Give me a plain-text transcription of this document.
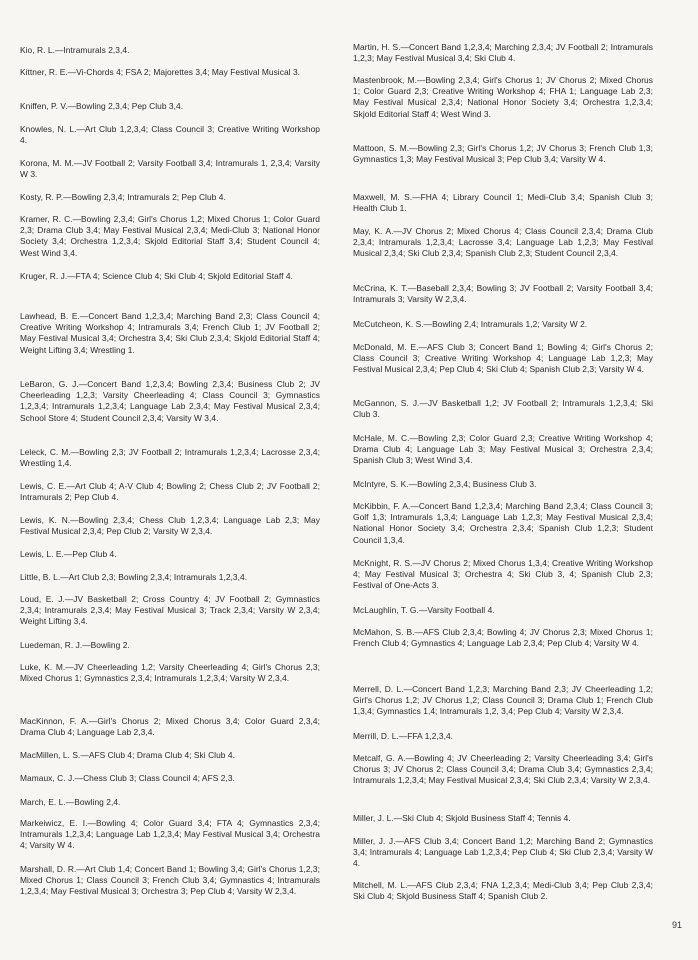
Kio, R. L.—Intramurals 2,3,4.
Kittner, R. E.—Vi-Chords 4; FSA 2; Majorettes 3,4; May Festival Musical 3.
Kniffen, P. V.—Bowling 2,3,4; Pep Club 3,4.
Knowles, N. L.—Art Club 1,2,3,4; Class Council 3; Creative Writing Workshop 4.
Korona, M. M.—JV Football 2; Varsity Football 3,4; Intramurals 1, 2,3,4; Varsity W 3.
Kosty, R. P.—Bowling 2,3,4; Intramurals 2; Pep Club 4.
Kramer, R. C.—Bowling 2,3,4; Girl's Chorus 1,2; Mixed Chorus 1; Color Guard 2,3; Drama Club 3,4; May Festival Musical 2,3,4; Medi-Club 3; National Honor Society 3,4; Orchestra 1,2,3,4; Skjold Editorial Staff 3,4; Student Council 4; West Wind 3,4.
Kruger, R. J.—FTA 4; Science Club 4; Ski Club 4; Skjold Editorial Staff 4.
Lawhead, B. E.—Concert Band 1,2,3,4; Marching Band 2,3; Class Council 4; Creative Writing Workshop 4; Intramurals 3,4; French Club 1; JV Football 2; May Festival Musical 3,4; Orchestra 3,4; Ski Club 2,3,4; Skjold Editorial Staff 4; Weight Lifting 3,4; Wrestling 1.
LeBaron, G. J.—Concert Band 1,2,3,4; Bowling 2,3,4; Business Club 2; JV Cheerleading 1,2,3; Varsity Cheerleading 4; Class Council 3; Gymnastics 1,2,3,4; Intramurals 1,2,3,4; Language Lab 2,3,4; May Festival Musical 2,3,4; School Store 4; Student Council 2,3,4; Varsity W 3,4.
Leleck, C. M.—Bowling 2,3; JV Football 2; Intramurals 1,2,3,4; Lacrosse 2,3,4; Wrestling 1,4.
Lewis, C. E.—Art Club 4; A-V Club 4; Bowling 2; Chess Club 2; JV Football 2; Intramurals 2; Pep Club 4.
Lewis, K. N.—Bowling 2,3,4; Chess Club 1,2,3,4; Language Lab 2,3; May Festival Musical 2,3,4; Pep Club 2; Varsity W 2,3,4.
Lewis, L. E.—Pep Club 4.
Little, B. L.—Art Club 2,3; Bowling 2,3,4; Intramurals 1,2,3,4.
Loud, E. J.—JV Basketball 2; Cross Country 4; JV Football 2; Gymnastics 2,3,4; Intramurals 2,3,4; May Festival Musical 3; Track 2,3,4; Varsity W 2,3,4; Weight Lifting 3,4.
Luedeman, R. J.—Bowling 2.
Luke, K. M.—JV Cheerleading 1,2; Varsity Cheerleading 4; Girl's Chorus 2,3; Mixed Chorus 1; Gymnastics 2,3,4; Intramurals 1,2,3,4; Varsity W 2,3,4.
MacKinnon, F. A.—Girl's Chorus 2; Mixed Chorus 3,4; Color Guard 2,3,4; Drama Club 4; Language Lab 2,3,4.
MacMillen, L. S.—AFS Club 4; Drama Club 4; Ski Club 4.
Mamaux, C. J.—Chess Club 3; Class Council 4; AFS 2,3.
March, E. L.—Bowling 2,4.
Markeiwicz, E. I.—Bowling 4; Color Guard 3,4; FTA 4; Gymnastics 2,3,4; Intramurals 1,2,3,4; Language Lab 1,2,3,4; May Festival Musical 3,4; Orchestra 4; Varsity W 4.
Marshall, D. R.—Art Club 1,4; Concert Band 1; Bowling 3,4; Girl's Chorus 1,2,3; Mixed Chorus 1; Class Council 3; French Club 3,4; Gymnastics 4; Intramurals 1,2,3,4; May Festival Musical 3; Orchestra 3; Pep Club 4; Varsity W 2,3,4.
Martin, H. S.—Concert Band 1,2,3,4; Marching 2,3,4; JV Football 2; Intramurals 1,2,3; May Festival Musical 3,4; Ski Club 4.
Mastenbrook, M.—Bowling 2,3,4; Girl's Chorus 1; JV Chorus 2; Mixed Chorus 1; Color Guard 2,3; Creative Writing Workshop 4; FHA 1; Language Lab 2,3; May Festival Musical 2,3,4; National Honor Society 3,4; Orchestra 1,2,3,4; Skjold Editorial Staff 4; West Wind 3.
Mattoon, S. M.—Bowling 2,3; Girl's Chorus 1,2; JV Chorus 3; French Club 1,3; Gymnastics 1,3; May Festival Musical 3; Pep Club 3,4; Varsity W 4.
Maxwell, M. S.—FHA 4; Library Council 1; Medi-Club 3,4; Spanish Club 3; Health Club 1.
May, K. A.—JV Chorus 2; Mixed Chorus 4; Class Council 2,3,4; Drama Club 2,3,4; Intramurals 1,2,3,4; Lacrosse 3,4; Language Lab 1,2,3; May Festival Musical 2,3,4; Ski Club 2,3,4; Spanish Club 2,3; Student Council 2,3,4.
McCrina, K. T.—Baseball 2,3,4; Bowling 3; JV Football 2; Varsity Football 3,4; Intramurals 3; Varsity W 2,3,4.
McCutcheon, K. S.—Bowling 2,4; Intramurals 1,2; Varsity W 2.
McDonald, M. E.—AFS Club 3; Concert Band 1; Bowling 4; Girl's Chorus 2; Class Council 3; Creative Writing Workshop 4; Language Lab 1,2,3; May Festival Musical 2,3,4; Pep Club 4; Ski Club 4; Spanish Club 2,3; Varsity W 4.
McGannon, S. J.—JV Basketball 1,2; JV Football 2; Intramurals 1,2,3,4; Ski Club 3.
McHale, M. C.—Bowling 2,3; Color Guard 2,3; Creative Writing Workshop 4; Drama Club 4; Language Lab 3; May Festival Musical 3; Orchestra 2,3,4; Spanish Club 3; West Wind 3,4.
McIntyre, S. K.—Bowling 2,3,4; Business Club 3.
McKibbin, F. A.—Concert Band 1,2,3,4; Marching Band 2,3,4; Class Council 3; Golf 1,3; Intramurals 1,3,4; Language Lab 1,2,3; May Festival Musical 2,3,4; National Honor Society 3,4; Orchestra 2,3,4; Spanish Club 1,2,3; Student Council 1,3,4.
McKnight, R. S.—JV Chorus 2; Mixed Chorus 1,3,4; Creative Writing Workshop 4; May Festival Musical 3; Orchestra 4; Ski Club 3, 4; Spanish Club 2,3; Festival of One-Acts 3.
McLaughlin, T. G.—Varsity Football 4.
McMahon, S. B.—AFS Club 2,3,4; Bowling 4; JV Chorus 2,3; Mixed Chorus 1; French Club 4; Gymnastics 4; Language Lab 2,3,4; Pep Club 4; Varsity W 4.
Merrell, D. L.—Concert Band 1,2,3; Marching Band 2,3; JV Cheerleading 1,2; Girl's Chorus 1,2; JV Chorus 1,2; Class Council 3; Drama Club 1; French Club 1,3,4; Gymnastics 1,4; Intramurals 1,2, 3,4; Pep Club 4; Varsity W 2,3,4.
Merrill, D. L.—FFA 1,2,3,4.
Metcalf, G. A.—Bowling 4; JV Cheerleading 2; Varsity Cheerleading 3,4; Girl's Chorus 3; JV Chorus 2; Class Council 3,4; Drama Club 3,4; Gymnastics 2,3,4; Intramurals 1,2,3,4; May Festival Musical 2,3,4; Ski Club 2,3,4; Varsity W 2,3,4.
Miller, J. L.—Ski Club 4; Skjold Business Staff 4; Tennis 4.
Miller, J. J.—AFS Club 3,4; Concert Band 1,2; Marching Band 2; Gymnastics 3,4; Intramurals 4; Language Lab 1,2,3,4; Pep Club 4; Ski Club 2,3,4; Varsity W 4.
Mitchell, M. L.—AFS Club 2,3,4; FNA 1,2,3,4; Medi-Club 3,4; Pep Club 2,3,4; Ski Club 4; Skjold Business Staff 4; Spanish Club 2.
91
